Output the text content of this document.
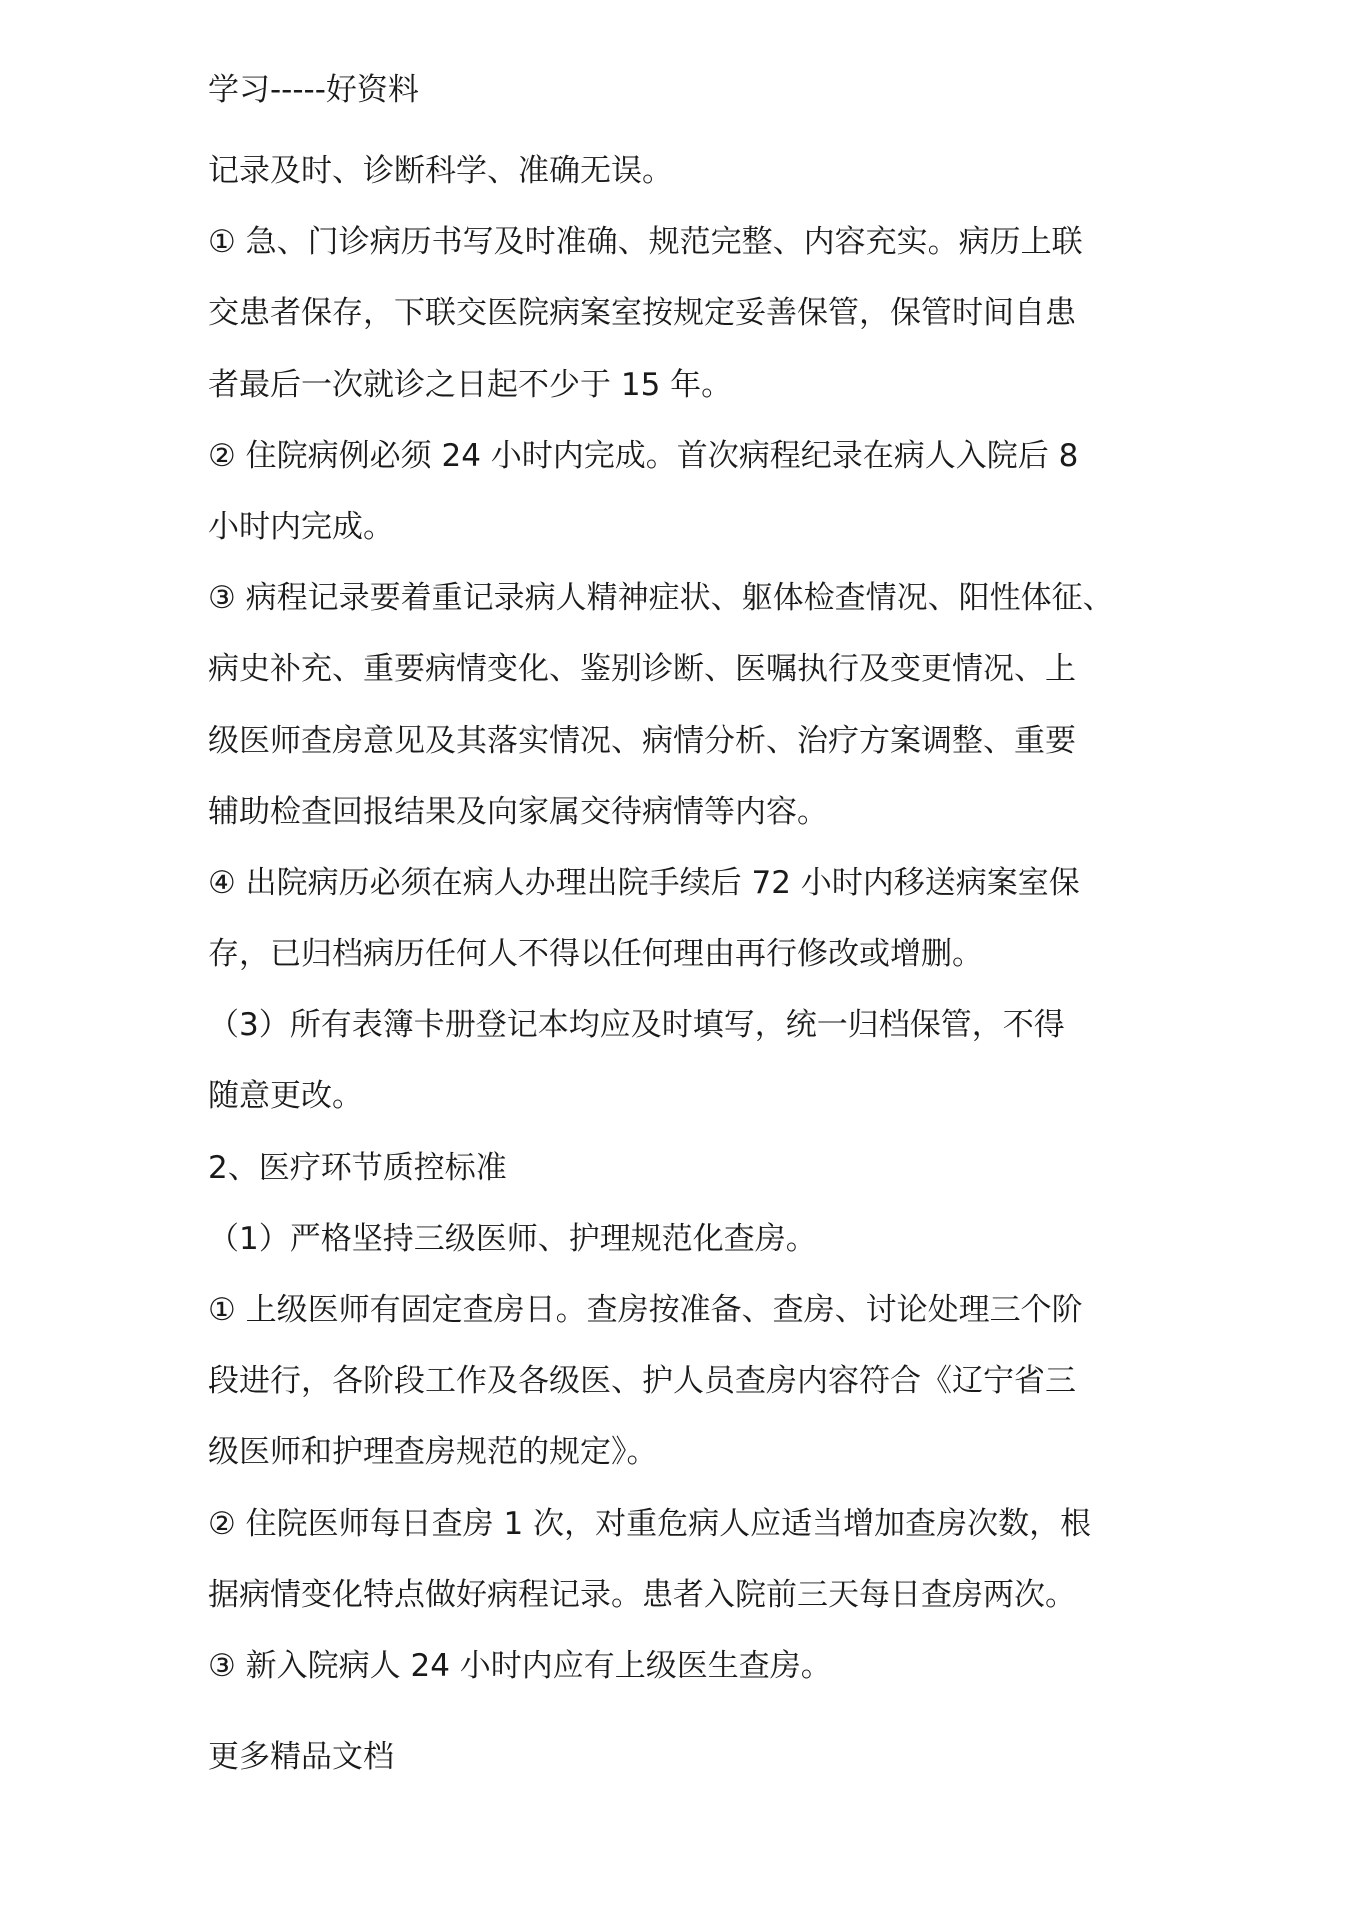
学习-----好资料
记录及时、诊断科学、准确无误。
① 急、门诊病历书写及时准确、规范完整、内容充实。病历上联
交患者保存，下联交医院病案室按规定妥善保管，保管时间自患
者最后一次就诊之日起不少于 15 年。
② 住院病例必须 24 小时内完成。首次病程纪录在病人入院后 8
小时内完成。
③ 病程记录要着重记录病人精神症状、躯体检查情况、阳性体征、
病史补充、重要病情变化、鉴别诊断、医嘱执行及变更情况、上
级医师查房意见及其落实情况、病情分析、治疗方案调整、重要
辅助检查回报结果及向家属交待病情等内容。
④ 出院病历必须在病人办理出院手续后 72 小时内移送病案室保
存，已归档病历任何人不得以任何理由再行修改或增删。
（3）所有表簿卡册登记本均应及时填写，统一归档保管，不得
随意更改。
2、医疗环节质控标准
（1）严格坚持三级医师、护理规范化查房。
① 上级医师有固定查房日。查房按准备、查房、讨论处理三个阶
段进行，各阶段工作及各级医、护人员查房内容符合《辽宁省三
级医师和护理查房规范的规定》。
② 住院医师每日查房 1 次，对重危病人应适当增加查房次数，根
据病情变化特点做好病程记录。患者入院前三天每日查房两次。
③ 新入院病人 24 小时内应有上级医生查房。
更多精品文档
